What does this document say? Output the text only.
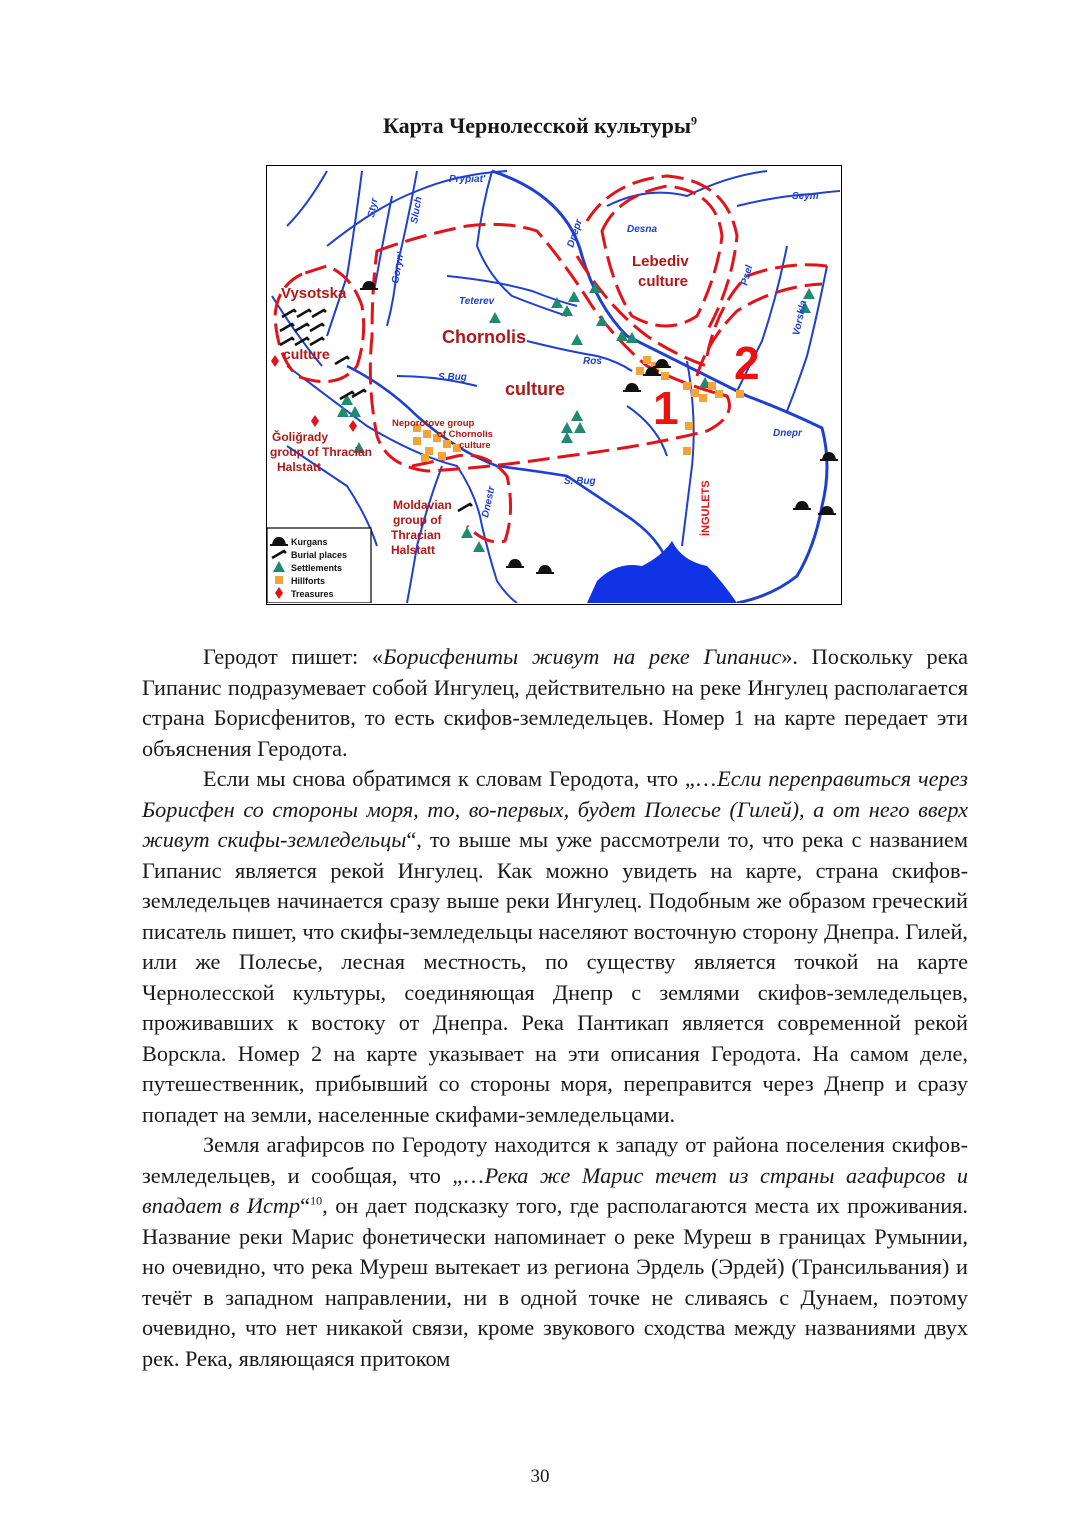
Карта Чернолесской культуры$^9$
Prypiat'
Seym
Desna
Dnepr
Styr	Sluch
Goryn'
Teterev
Ros
S.Bug
S. Bug
Dnestr
Psel
Vorskla
Dnepr
İNGULETS
Vysotska
culture
Lebediv
culture
Chornolis
culture
Neporotove group
of Chornolis
culture
Ğoliğrady
group of Thracian
Halstatt
Moldavian
group of
Thracian
Halstatt
1
2
Kurgans
Burial places
Settlements
Hillforts
Treasures

Геродот пишет: «Борисфениты живут на реке Гипанис». Поскольку река Гипанис подразумевает собой Ингулец, действительно на реке Ингулец располагается страна Борисфенитов, то есть скифов-земледельцев. Номер 1 на карте передает эти объяснения Геродота.

Если мы снова обратимся к словам Геродота, что „…Если переправиться через Борисфен со стороны моря, то, во-первых, будет Полесье (Гилей), а от него вверх живут скифы-земледельцы“, то выше мы уже рассмотрели то, что река с названием Гипанис является рекой Ингулец. Как можно увидеть на карте, страна скифов-земледельцев начинается сразу выше реки Ингулец. Подобным же образом греческий писатель пишет, что скифы-земледельцы населяют восточную сторону Днепра. Гилей, или же Полесье, лесная местность, по существу является точкой на карте Чернолесской культуры, соединяющая Днепр с землями скифов-земледельцев, проживавших к востоку от Днепра. Река Пантикап является современной рекой Ворскла. Номер 2 на карте указывает на эти описания Геродота. На самом деле, путешественник, прибывший со стороны моря, переправится через Днепр и сразу попадет на земли, населенные скифами-земледельцами.

Земля агафирсов по Геродоту находится к западу от района поселения скифов-земледельцев, и сообщая, что „…Река же Марис течет из страны агафирсов и впадает в Истр“$^{10}$, он дает подсказку того, где располагаются места их проживания. Название реки Марис фонетически напоминает о реке Муреш в границах Румынии, но очевидно, что река Муреш вытекает из региона Эрдель (Эрдей) (Трансильвания) и течёт в западном направлении, ни в одной точке не сливаясь с Дунаем, поэтому очевидно, что нет никакой связи, кроме звукового сходства между названиями двух рек. Река, являющаяся притоком

30
